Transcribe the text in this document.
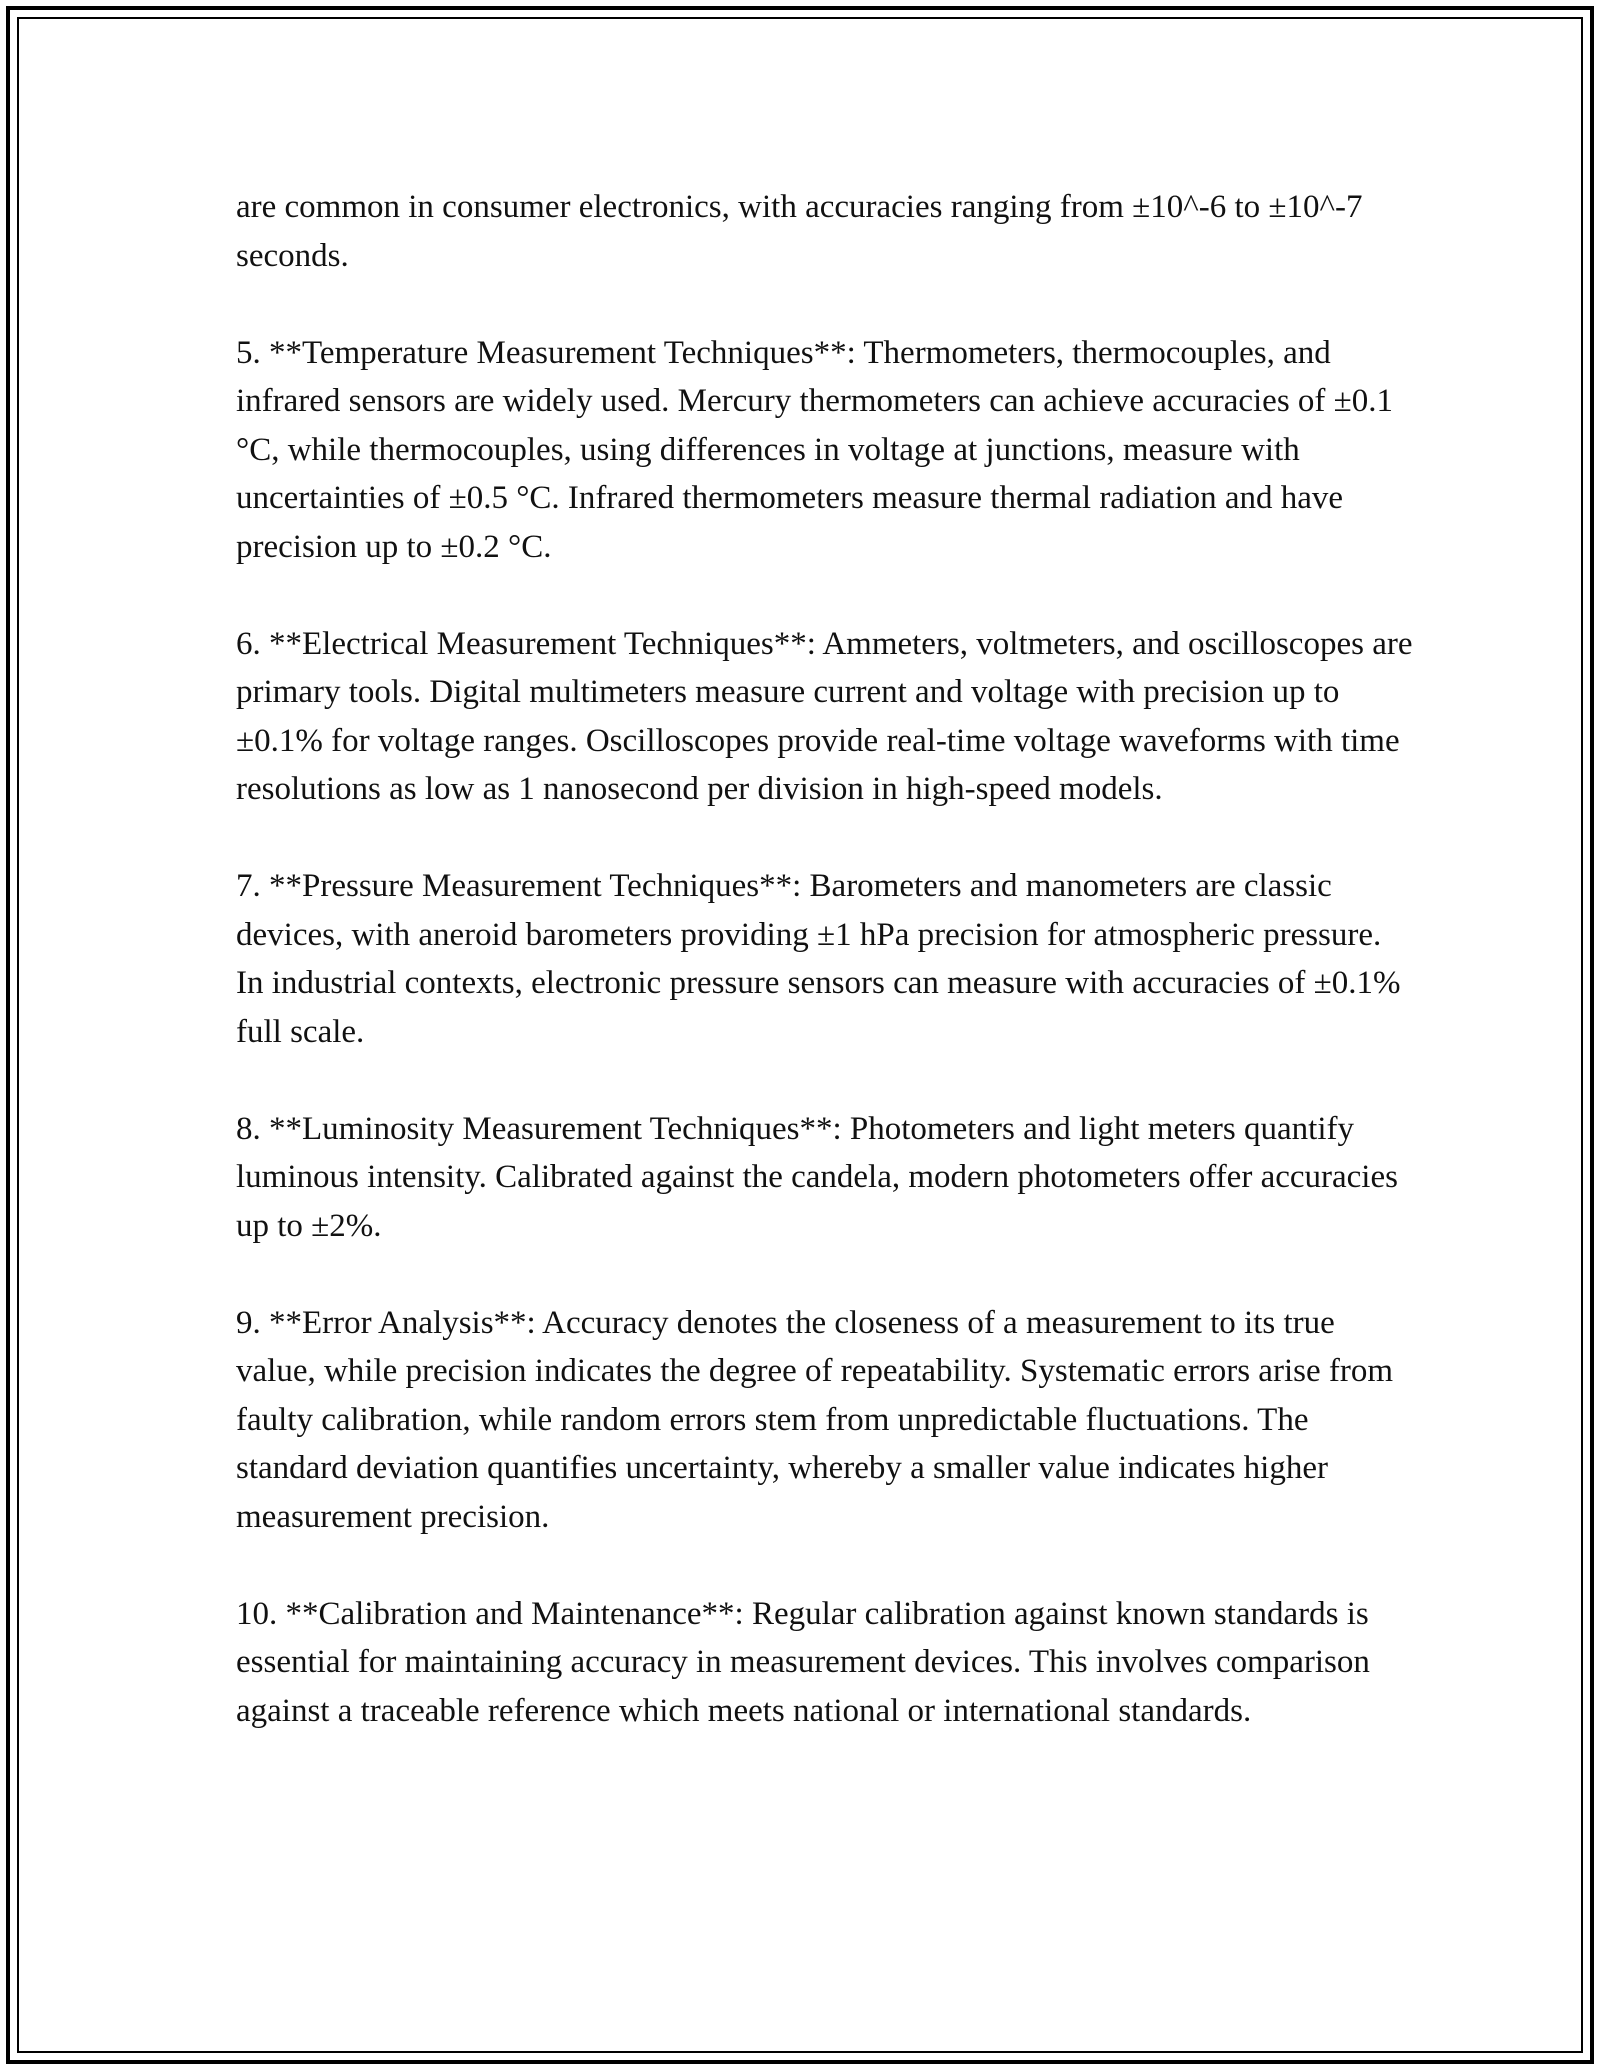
are common in consumer electronics, with accuracies ranging from ±10^-6 to ±10^-7 seconds.

5. **Temperature Measurement Techniques**: Thermometers, thermocouples, and infrared sensors are widely used. Mercury thermometers can achieve accuracies of ±0.1 °C, while thermocouples, using differences in voltage at junctions, measure with uncertainties of ±0.5 °C. Infrared thermometers measure thermal radiation and have precision up to ±0.2 °C.

6. **Electrical Measurement Techniques**: Ammeters, voltmeters, and oscilloscopes are primary tools. Digital multimeters measure current and voltage with precision up to ±0.1% for voltage ranges. Oscilloscopes provide real-time voltage waveforms with time resolutions as low as 1 nanosecond per division in high-speed models.

7. **Pressure Measurement Techniques**: Barometers and manometers are classic devices, with aneroid barometers providing ±1 hPa precision for atmospheric pressure. In industrial contexts, electronic pressure sensors can measure with accuracies of ±0.1% full scale.

8. **Luminosity Measurement Techniques**: Photometers and light meters quantify luminous intensity. Calibrated against the candela, modern photometers offer accuracies up to ±2%.

9. **Error Analysis**: Accuracy denotes the closeness of a measurement to its true value, while precision indicates the degree of repeatability. Systematic errors arise from faulty calibration, while random errors stem from unpredictable fluctuations. The standard deviation quantifies uncertainty, whereby a smaller value indicates higher measurement precision.

10. **Calibration and Maintenance**: Regular calibration against known standards is essential for maintaining accuracy in measurement devices. This involves comparison against a traceable reference which meets national or international standards.
